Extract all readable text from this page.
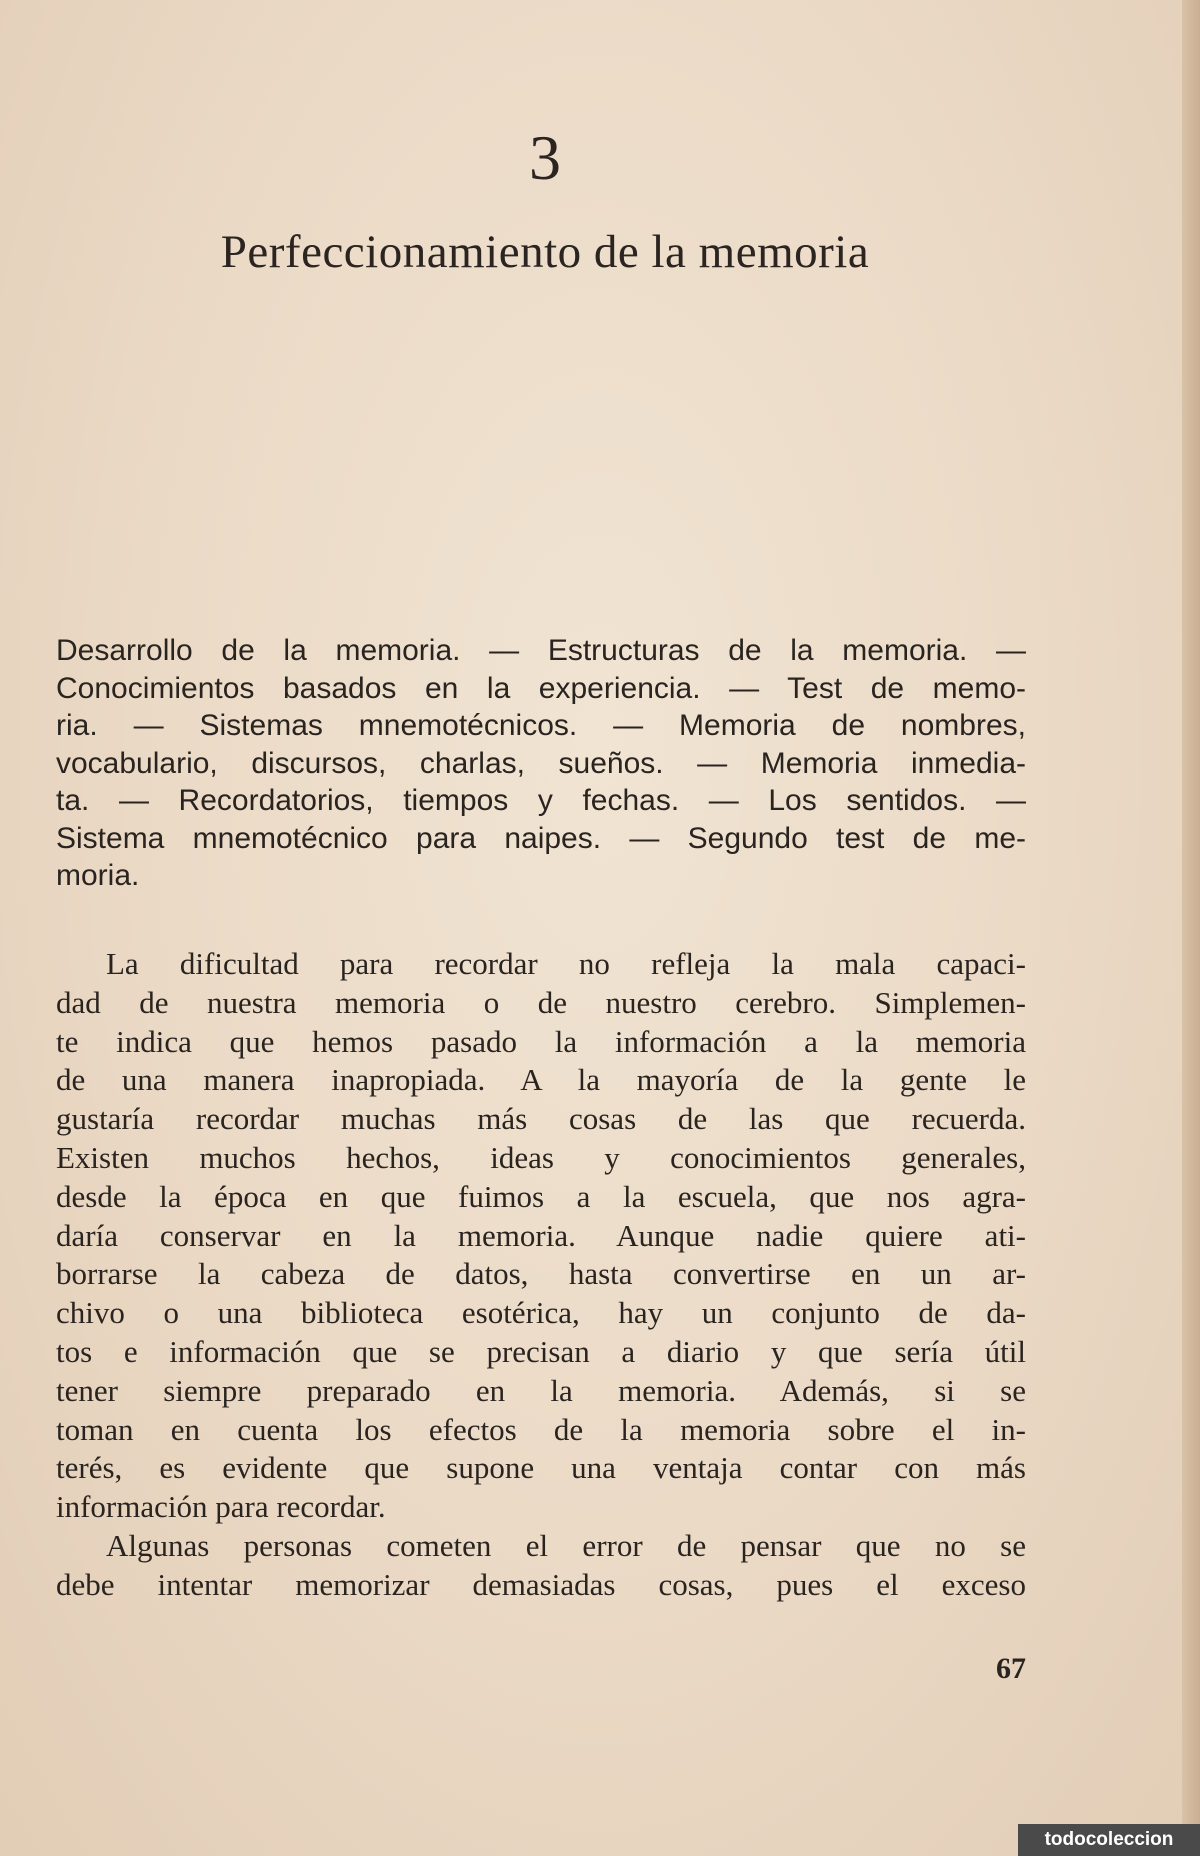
3
Perfeccionamiento de la memoria
Desarrollo de la memoria. — Estructuras de la memoria. —
Conocimientos basados en la experiencia. — Test de memo-
ria. — Sistemas mnemotécnicos. — Memoria de nombres,
vocabulario, discursos, charlas, sueños. — Memoria inmedia-
ta. — Recordatorios, tiempos y fechas. — Los sentidos. —
Sistema mnemotécnico para naipes. — Segundo test de me-
moria.
La dificultad para recordar no refleja la mala capaci-
dad de nuestra memoria o de nuestro cerebro. Simplemen-
te indica que hemos pasado la información a la memoria
de una manera inapropiada. A la mayoría de la gente le
gustaría recordar muchas más cosas de las que recuerda.
Existen muchos hechos, ideas y conocimientos generales,
desde la época en que fuimos a la escuela, que nos agra-
daría conservar en la memoria. Aunque nadie quiere ati-
borrarse la cabeza de datos, hasta convertirse en un ar-
chivo o una biblioteca esotérica, hay un conjunto de da-
tos e información que se precisan a diario y que sería útil
tener siempre preparado en la memoria. Además, si se
toman en cuenta los efectos de la memoria sobre el in-
terés, es evidente que supone una ventaja contar con más
información para recordar.
Algunas personas cometen el error de pensar que no se
debe intentar memorizar demasiadas cosas, pues el exceso
67
todocoleccion
